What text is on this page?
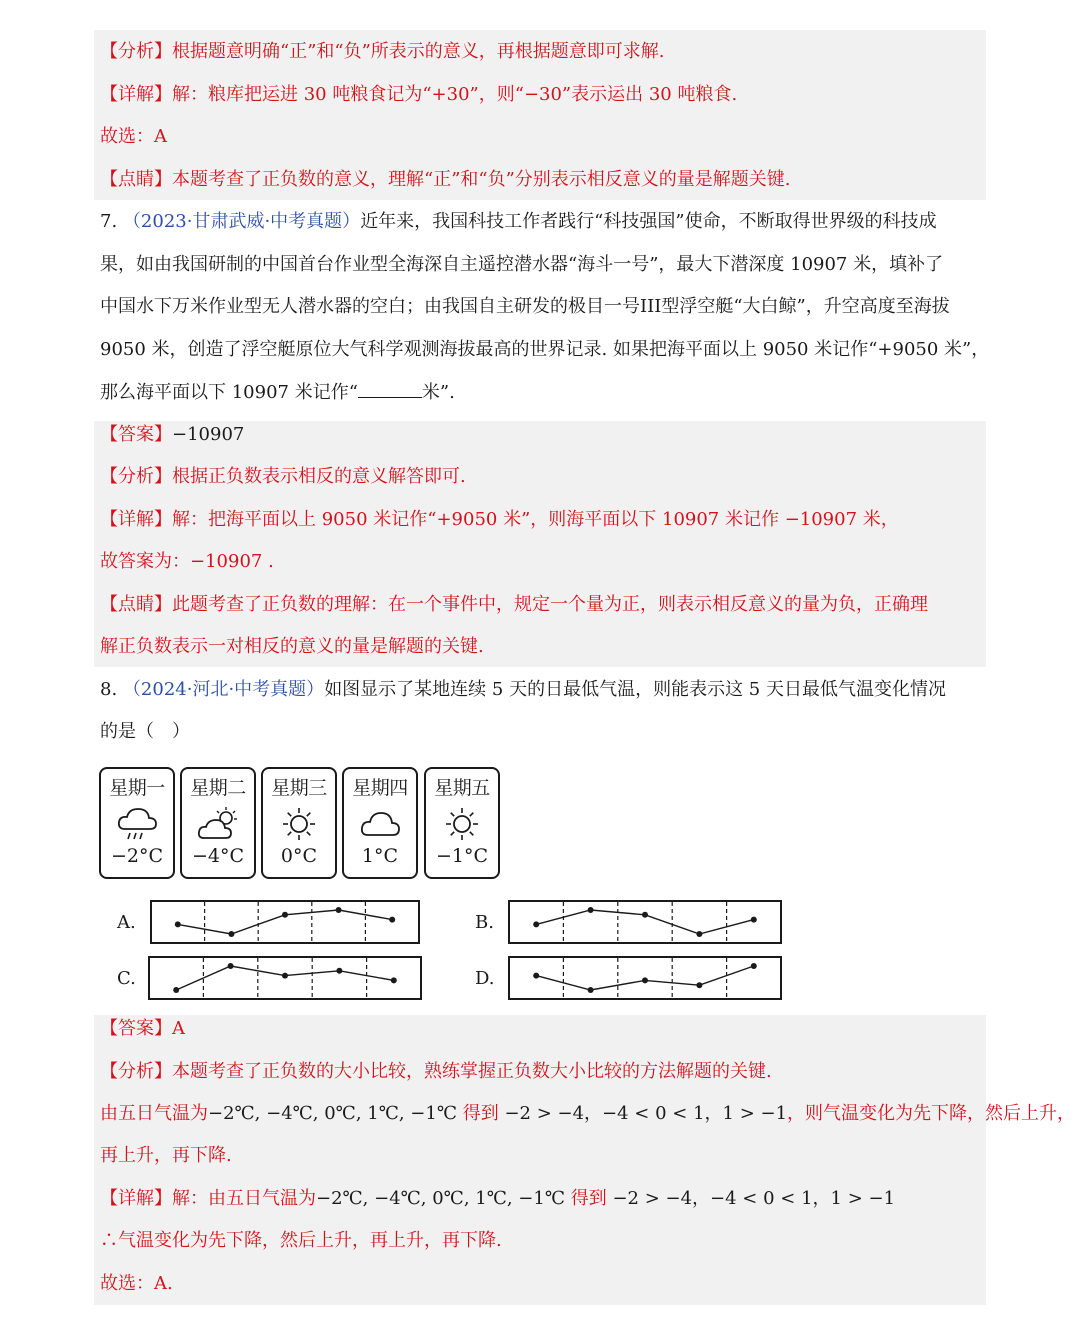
【分析】根据题意明确“正”和“负”所表示的意义，再根据题意即可求解.
【详解】解：粮库把运进 30 吨粮食记为“+30”，则“−30”表示运出 30 吨粮食.
故选：A
【点睛】本题考查了正负数的意义，理解“正”和“负”分别表示相反意义的量是解题关键.
7. （2023·甘肃武威·中考真题）近年来，我国科技工作者践行“科技强国”使命，不断取得世界级的科技成
果，如由我国研制的中国首台作业型全海深自主遥控潜水器“海斗一号”，最大下潜深度 10907 米，填补了
中国水下万米作业型无人潜水器的空白；由我国自主研发的极目一号III型浮空艇“大白鲸”，升空高度至海拔
9050 米，创造了浮空艇原位大气科学观测海拔最高的世界记录. 如果把海平面以上 9050 米记作“+9050 米”，
那么海平面以下 10907 米记作“	米”.
【答案】−10907
【分析】根据正负数表示相反的意义解答即可.
【详解】解：把海平面以上 9050 米记作“+9050 米”，则海平面以下 10907 米记作 −10907 米，
故答案为：−10907 .
【点睛】此题考查了正负数的理解：在一个事件中，规定一个量为正，则表示相反意义的量为负，正确理
解正负数表示一对相反的意义的量是解题的关键.
8. （2024·河北·中考真题）如图显示了某地连续 5 天的日最低气温，则能表示这 5 天日最低气温变化情况
的是（　）
星期一
−2°C
星期二
−4°C
星期三
0°C
星期四
1°C
星期五
−1°C
A.	B.
C.	D.
【答案】A
【分析】本题考查了正负数的大小比较，熟练掌握正负数大小比较的方法解题的关键.
由五日气温为−2℃, −4℃, 0℃, 1℃, −1℃ 得到 −2 > −4，−4 < 0 < 1，1 > −1，则气温变化为先下降，然后上升，
再上升，再下降.
【详解】解：由五日气温为−2℃, −4℃, 0℃, 1℃, −1℃ 得到 −2 > −4，−4 < 0 < 1，1 > −1
∴气温变化为先下降，然后上升，再上升，再下降.
故选：A.
